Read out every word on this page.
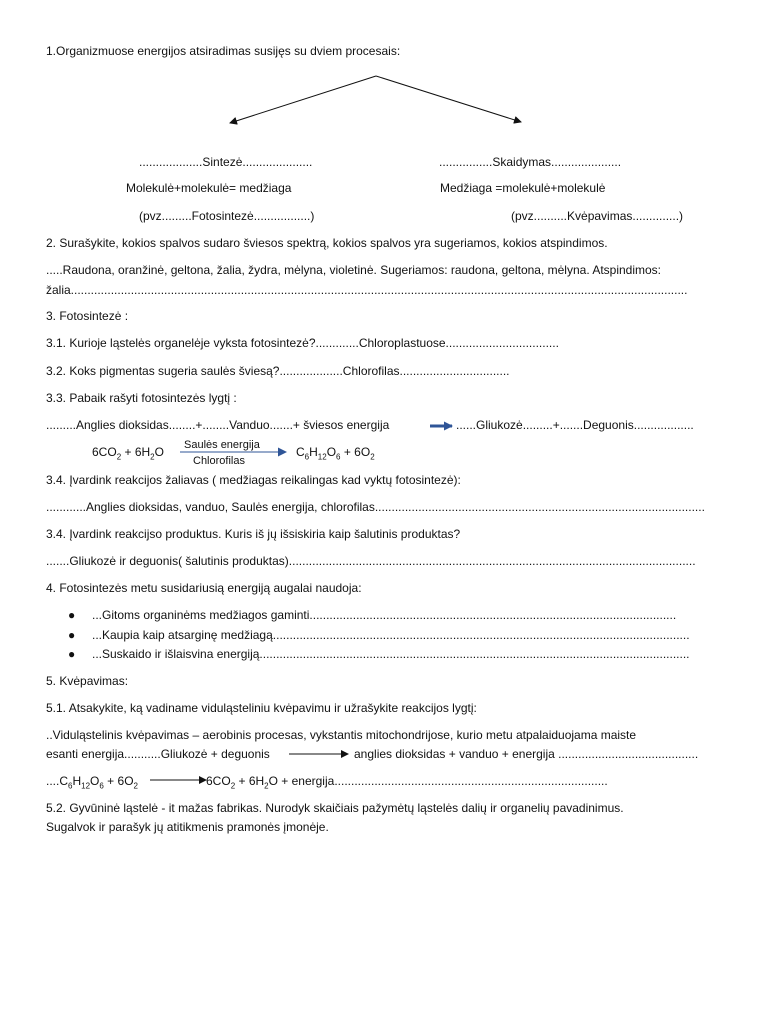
1.Organizmuose energijos atsiradimas susijęs su dviem procesais:
...................Sintezė.....................	................Skaidymas.....................
Molekulė+molekulė= medžiaga	Medžiaga =molekulė+molekulė
(pvz.........Fotosintezė.................)	(pvz..........Kvėpavimas..............)
2. Surašykite, kokios spalvos sudaro šviesos spektrą, kokios spalvos yra sugeriamos, kokios atspindimos.
.....Raudona, oranžinė, geltona, žalia, žydra, mėlyna, violetinė. Sugeriamos: raudona, geltona, mėlyna. Atspindimos:
žalia.........................................................................................................................................................................................
3. Fotosintezė :
3.1. Kurioje ląstelės organelėje vyksta fotosintezė?.............Chloroplastuose..................................
3.2. Koks pigmentas sugeria saulės šviesą?...................Chlorofilas.................................
3.3. Pabaik rašyti fotosintezės lygtį :
.........Anglies dioksidas........+........Vanduo.......+ šviesos energija	......Gliukozė.........+.......Deguonis..................
$6CO_2 + 6H_2O$ Saulės energija
Chlorofilas
$C_6H_{12}O_6 + 6O_2$
3.4. Įvardink reakcijos žaliavas ( medžiagas reikalingas kad vyktų fotosintezė):
............Anglies dioksidas, vanduo, Saulės energija, chlorofilas...................................................................................................
3.4. Įvardink reakcijso produktus. Kuris iš jų išsiskiria kaip šalutinis produktas?
.......Gliukozė ir deguonis( šalutinis produktas)..........................................................................................................................
4. Fotosintezės metu susidariusią energiją augalai naudoja:
● ...Gitoms organinėms medžiagos gaminti..............................................................................................................
● ...Kaupia kaip atsarginę medžiagą.............................................................................................................................
● ...Suskaido ir išlaisvina energiją.................................................................................................................................
5. Kvėpavimas:
5.1. Atsakykite, ką vadiname viduląsteliniu kvėpavimu ir užrašykite reakcijos lygtį:
..Viduląstelinis kvėpavimas – aerobinis procesas, vykstantis mitochondrijose, kurio metu atpalaiduojama maiste
esanti energija...........Gliukozė + deguonis	anglies dioksidas + vanduo + energija ..........................................
$....C_6H_{12}O_6 + 6O_2$	$6CO_2 + 6H_2O$ + energija..................................................................................
5.2. Gyvūninė ląstelė - it mažas fabrikas. Nurodyk skaičiais pažymėtų ląstelės dalių ir organelių pavadinimus.
Sugalvok ir parašyk jų atitikmenis pramonės įmonėje.
